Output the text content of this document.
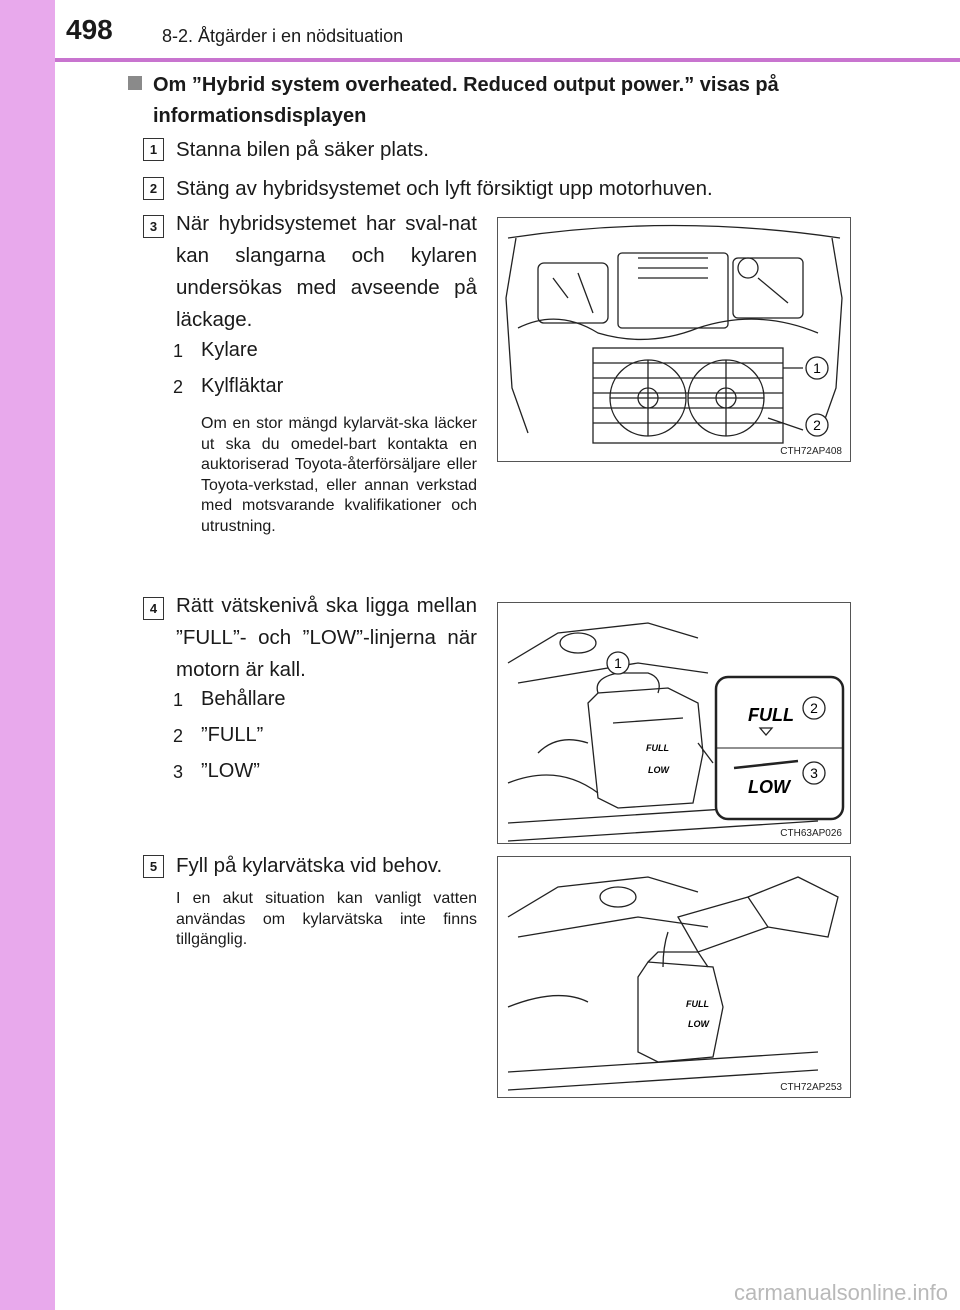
498	8-2. Åtgärder i en nödsituation
Om ”Hybrid system overheated. Reduced output power.” visas på informationsdisplayen
1 Stanna bilen på säker plats.
2 Stäng av hybridsystemet och lyft försiktigt upp motorhuven.
3 När hybridsystemet har sval-nat kan slangarna och kylaren undersökas med avseende på läckage.
1 Kylare
2 Kylfläktar
Om en stor mängd kylarvät-ska läcker ut ska du omedel-bart kontakta en auktoriserad Toyota-återförsäljare eller Toyota-verkstad, eller annan verkstad med motsvarande kvalifikationer och utrustning.
1
2
CTH72AP408
4 Rätt vätskenivå ska ligga mellan ”FULL”- och ”LOW”-linjerna när motorn är kall.
1 Behållare
2 ”FULL”
3 ”LOW”
FULL
LOW
FULL
LOW
1
2
3
CTH63AP026
5 Fyll på kylarvätska vid behov.
I en akut situation kan vanligt vatten användas om kylarvätska inte finns tillgänglig.
FULL
LOW
CTH72AP253
carmanualsonline.info
